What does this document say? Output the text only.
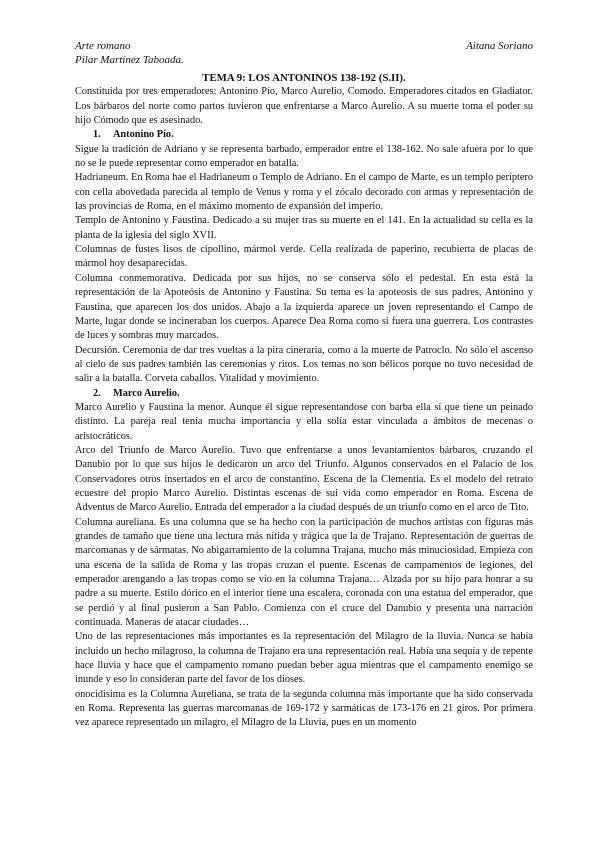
Arte romano
Pilar Martínez Taboada.
Aitana Soriano
TEMA 9: LOS ANTONINOS 138-192 (S.II).

Constituida por tres emperadores: Antonino Pío, Marco Aurelio, Comodo. Emperadores citados en Gladiator. Los bárbaros del norte como partos tuvieron que enfrentarse a Marco Aurelio. A su muerte toma el poder su hijo Cómodo que es asesinado.

1. Antonino Pío.

Sigue la tradición de Adriano y se representa barbado, emperador entre el 138-162. No sale afuera por lo que no se le puede representar como emperador en batalla.

Hadrianeum. En Roma hae el Hadrianeum o Templo de Adriano. En el campo de Marte, es un templo períptero con cella abovedada parecida al templo de Venus y roma y el zócalo decorado con armas y representación de las provincias de Roma, en el máximo momento de expansión del imperio.

Templo de Antonino y Faustina. Dedicado a su mujer tras su muerte en el 141. En la actualidad su cella es la planta de la iglesia del siglo XVII.

Columnas de fustes lisos de cipollino, mármol verde. Cella realizada de paperino, recubierta de placas de mármol hoy desaparecidas.

Columna conmemorativa. Dedicada por sus hijos, no se conserva sólo el pedestal. En esta está la representación de la Apoteósis de Antonino y Faustina. Su tema es la apoteosis de sus padres, Antonino y Faustina, que aparecen los dos unidos. Abajo a la izquierda aparece un joven representando el Campo de Marte, lugar donde se incineraban los cuerpos. Aparece Dea Roma como si fuera una guerrera. Los contrastes de luces y sombras muy marcados.

Decursión. Ceremonia de dar tres vueltas a la pira cineraria, como a la muerte de Patroclo. No sólo el ascenso al cielo de sus padres también las ceremonias y ritos. Los temas no son bélicos porque no tuvo necesidad de salir a la batalla. Corveta caballos. Vitalidad y movimiento.

2. Marco Aurelio.

Marco Aurelio y Faustina la menor. Aunque él sigue representandose con barba ella sí que tiene un peinado distinto. La pareja real tenía mucha importancia y ella solía estar vinculada a ámbitos de mecenas o aristocráticos.

Arco del Triunfo de Marco Aurelio. Tuvo que enfrentarse a unos levantamientos bárbaros, cruzando el Danubio por lo que sus hijos le dedicaron un arco del Triunfo. Algunos conservados en el Palacio de los Conservadores otros insertados en el arco de constantino. Escena de la Clementia. Es el modelo del retrato ecuestre del propio Marco Aurelio. Distintas escenas de sui vida como emperador en Roma. Escena de Adventus de Marco Aurelio. Entrada del emperador a la ciudad después de un triunfo como en el arco de Tito.

Columna aureliana. Es una columna que se ha hecho con la participación de muchos artistas con figuras más grandes de tamaño que tiene una lectura más nítida y trágica que la de Trajano. Representación de guerras de marcomanas y de sármatas. No abigarramiento de la columna Trajana, mucho más minuciosidad. Empieza con una escena de la salida de Roma y las tropas cruzan el puente. Escenas de campamentos de legiones, del emperador arengando a las tropas como se vio en la columna Trajana… Alzada por su hijo para honrar a su padre a su muerte. Estilo dórico en el interior tiene una escalera, coronada con una estatua del emperador, que se perdió y al final pusieron a San Pablo. Comienza con el cruce del Danubio y presenta una narración continuada. Maneras de atacar ciudades…

Uno de las representaciones más importantes es la representación del Milagro de la lluvia. Nunca se había incluido un hecho milagroso, la columna de Trajano era una representación real. Había una sequía y de repente hace lluvia y hace que el campamento romano puedan beber agua mientras que el campamento enemigo se inunde y eso lo consideran parte del favor de los dioses.

onocidísima es la Columna Aureliana, se trata de la segunda columna más importante que ha sido conservada en Roma. Representa las guerras marcomanas de 169-172 y sarmáticas de 173-176 en 21 giros. Por primera vez aparece representado un milagro, el Milagro de la Lluvia, pues en un momento
